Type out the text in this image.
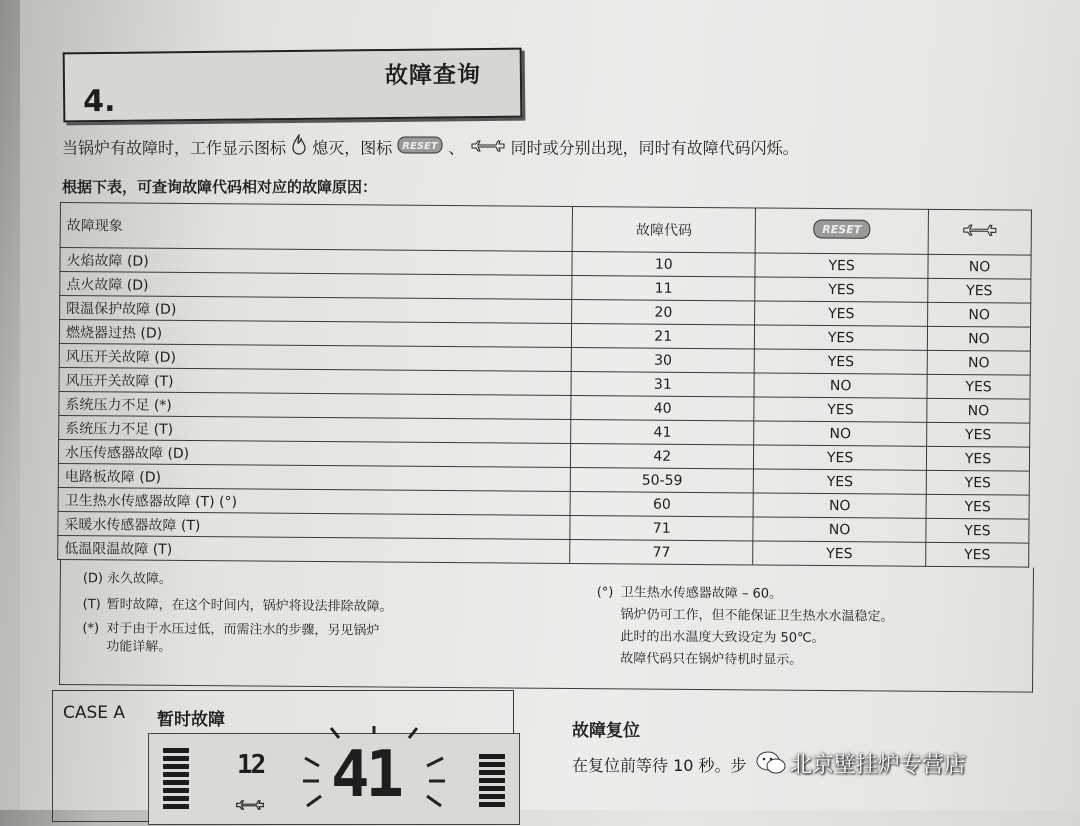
4.
故障查询
当锅炉有故障时，工作显示图标 熄灭，图标 RESET 、	同时或分别出现，同时有故障代码闪烁。
根据下表，可查询故障代码相对应的故障原因：
故障现象	故障代码	RESET

火焰故障 (D)	10	YES	NO
点火故障 (D)	11	YES	YES
限温保护故障 (D)	20	YES	NO
燃烧器过热 (D)	21	YES	NO
风压开关故障 (D)	30	YES	NO
风压开关故障 (T)	31	NO	YES
系统压力不足 (*)	40	YES	NO
系统压力不足 (T)	41	NO	YES
水压传感器故障 (D)	42	YES	YES
电路板故障 (D)	50-59	YES	YES
卫生热水传感器故障 (T) (°)	60	NO	YES
采暖水传感器故障 (T)	71	NO	YES
低温限温故障 (T)	77	YES	YES
(D) 永久故障。
(T) 暂时故障，在这个时间内，锅炉将设法排除故障。
(*) 对于由于水压过低，而需注水的步骤，另见锅炉
功能详解。
(°) 卫生热水传感器故障 – 60。
锅炉仍可工作，但不能保证卫生热水水温稳定。
此时的出水温度大致设定为 50℃。
故障代码只在锅炉待机时显示。
CASE A 暂时故障
12 41
故障复位
在复位前等待 10 秒。步 北京壁挂炉专营店
